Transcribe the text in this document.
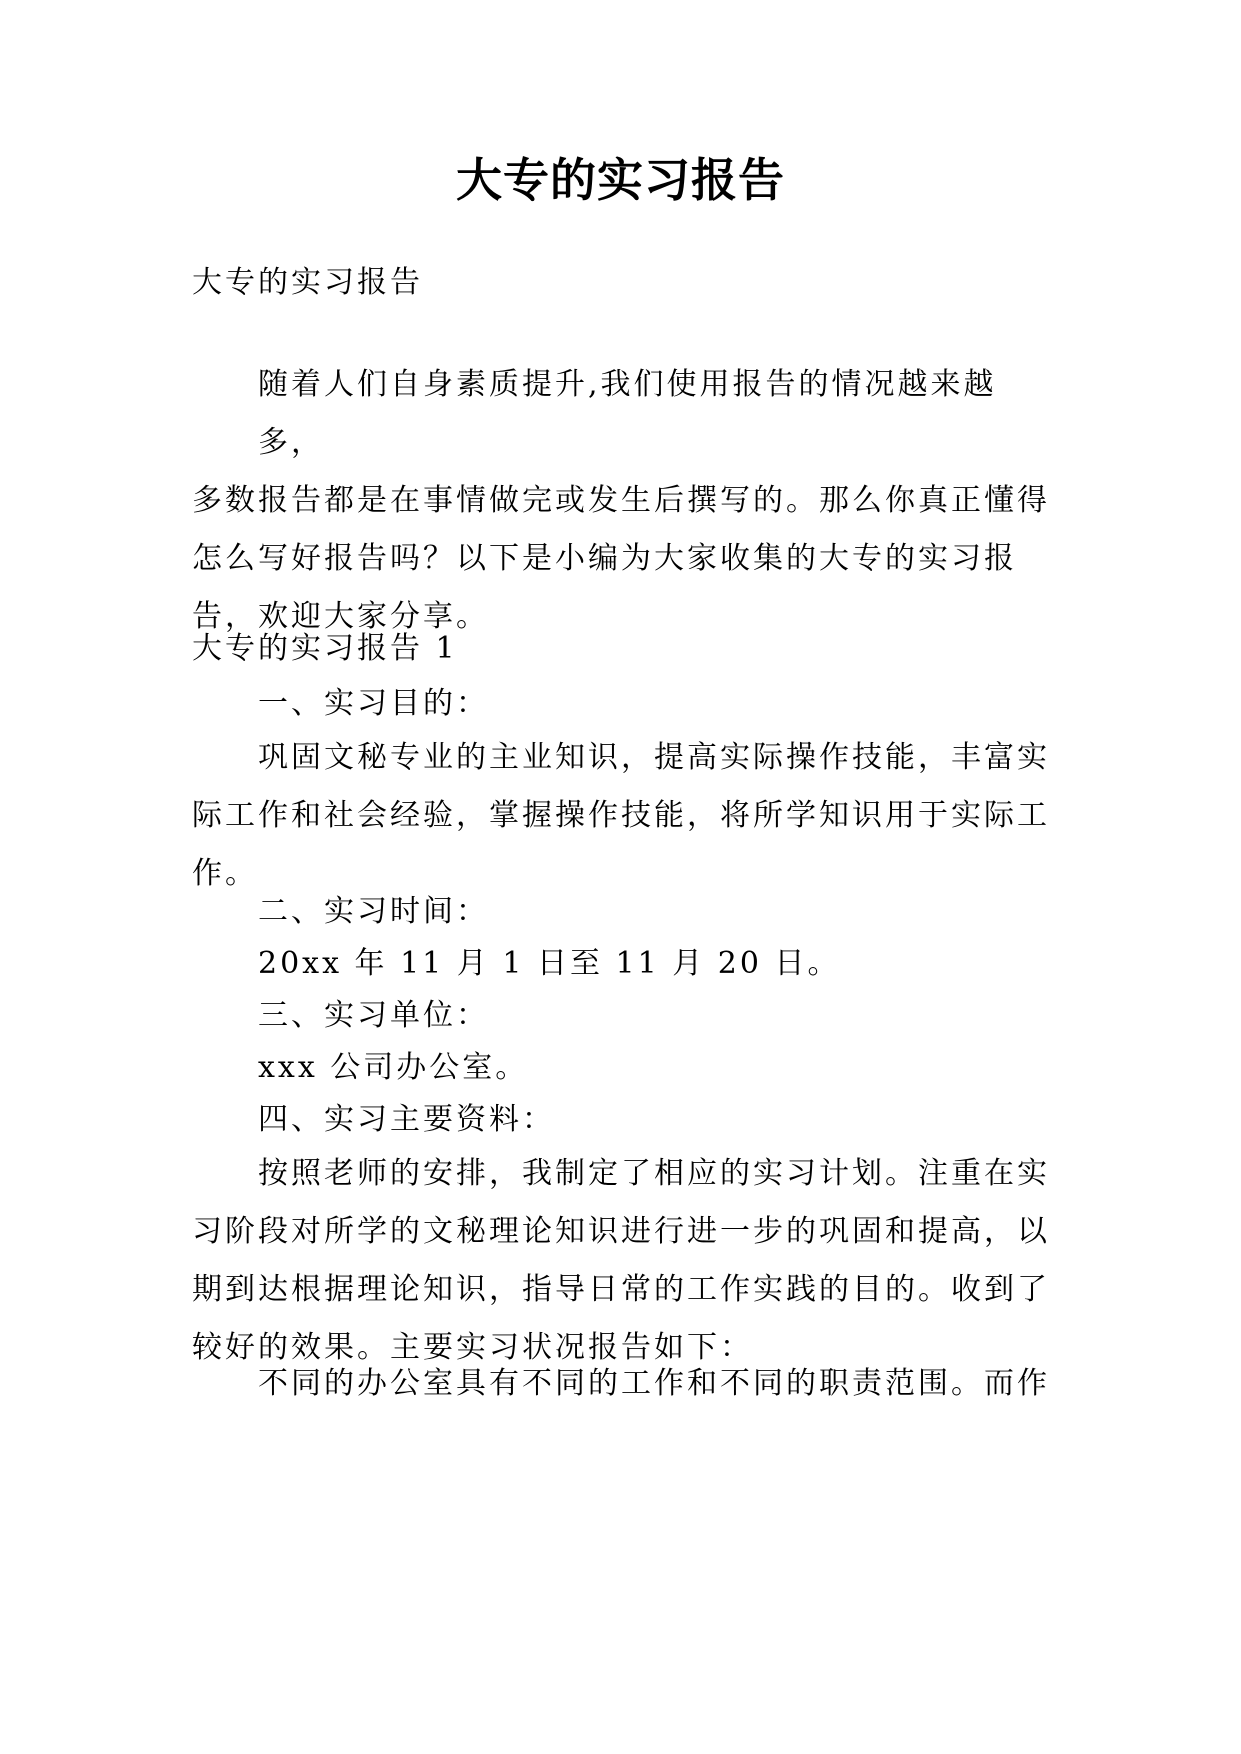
大专的实习报告

大专的实习报告

随着人们自身素质提升,我们使用报告的情况越来越多，
多数报告都是在事情做完或发生后撰写的。那么你真正懂得
怎么写好报告吗？以下是小编为大家收集的大专的实习报
告，欢迎大家分享。

大专的实习报告 1

一、实习目的：

巩固文秘专业的主业知识，提高实际操作技能，丰富实
际工作和社会经验，掌握操作技能，将所学知识用于实际工
作。

二、实习时间：

20xx 年 11 月 1 日至 11 月 20 日。

三、实习单位：

xxx 公司办公室。

四、实习主要资料：

按照老师的安排，我制定了相应的实习计划。注重在实
习阶段对所学的文秘理论知识进行进一步的巩固和提高，以
期到达根据理论知识，指导日常的工作实践的目的。收到了
较好的效果。主要实习状况报告如下：

不同的办公室具有不同的工作和不同的职责范围。而作
